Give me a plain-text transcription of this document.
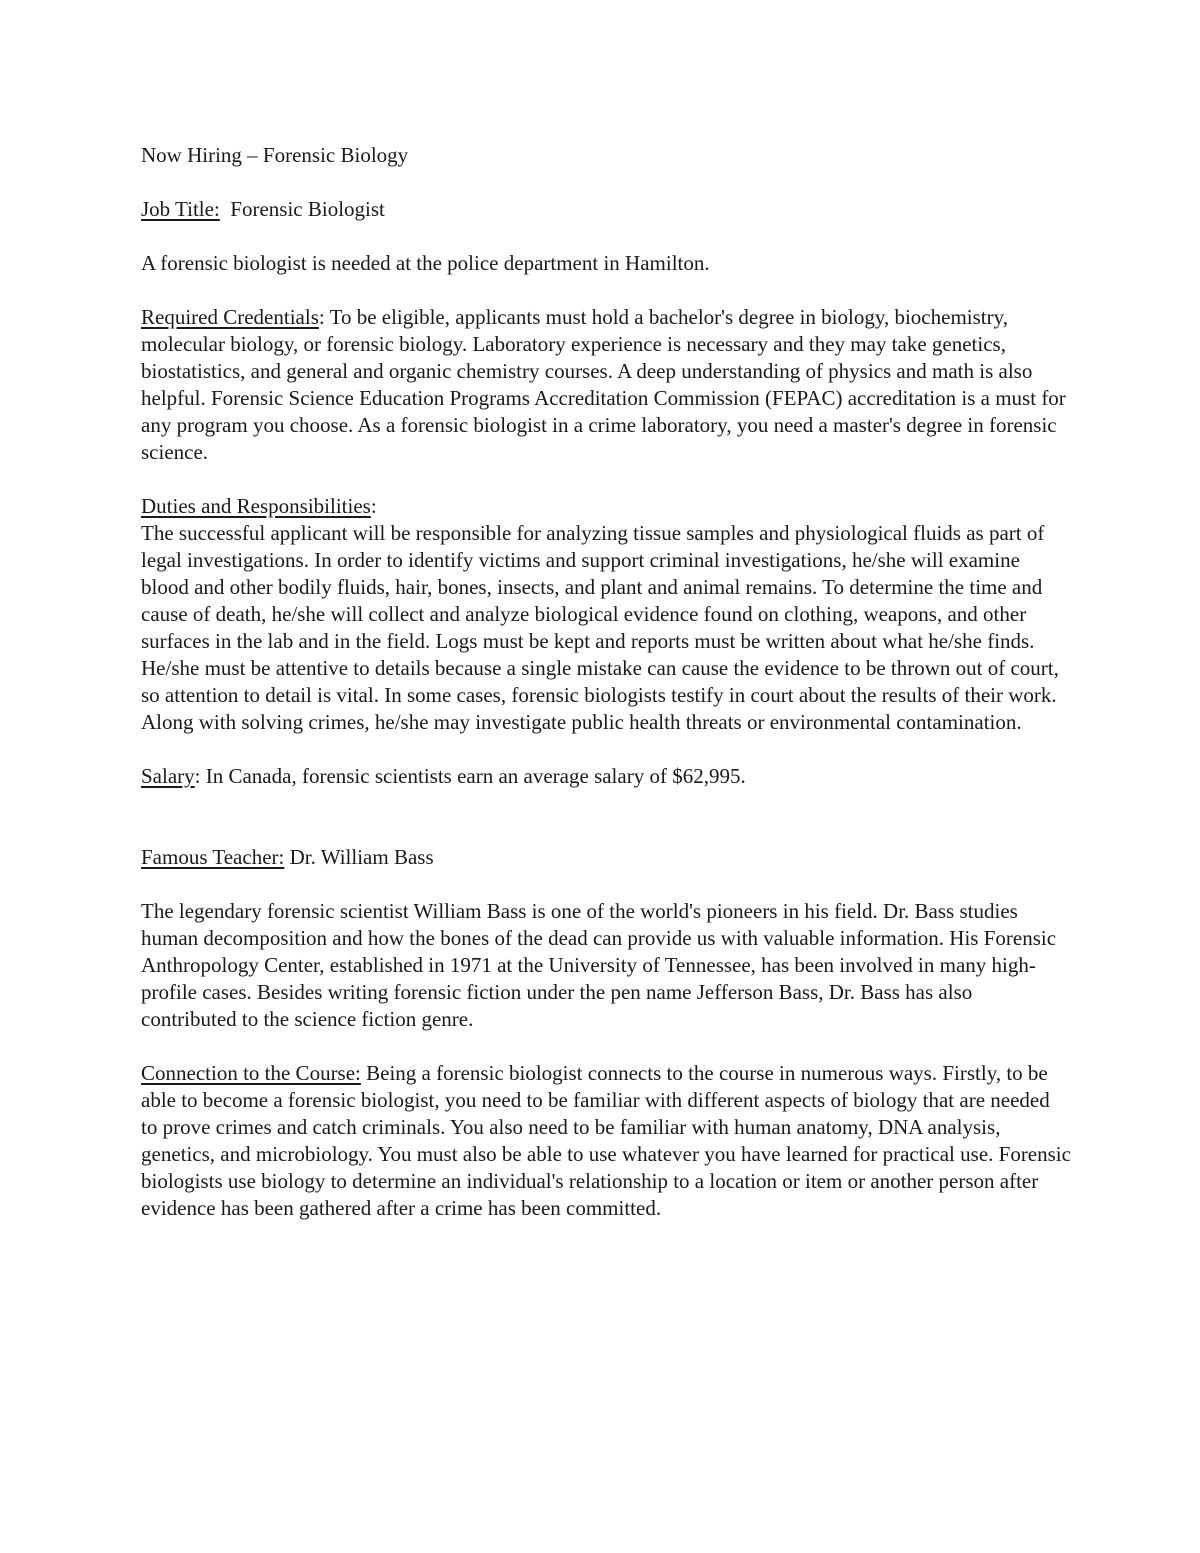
Now Hiring – Forensic Biology

Job Title:  Forensic Biologist

A forensic biologist is needed at the police department in Hamilton.

Required Credentials: To be eligible, applicants must hold a bachelor's degree in biology, biochemistry, molecular biology, or forensic biology. Laboratory experience is necessary and they may take genetics, biostatistics, and general and organic chemistry courses. A deep understanding of physics and math is also helpful. Forensic Science Education Programs Accreditation Commission (FEPAC) accreditation is a must for any program you choose. As a forensic biologist in a crime laboratory, you need a master's degree in forensic science.

Duties and Responsibilities:
The successful applicant will be responsible for analyzing tissue samples and physiological fluids as part of legal investigations. In order to identify victims and support criminal investigations, he/she will examine blood and other bodily fluids, hair, bones, insects, and plant and animal remains. To determine the time and cause of death, he/she will collect and analyze biological evidence found on clothing, weapons, and other surfaces in the lab and in the field. Logs must be kept and reports must be written about what he/she finds. He/she must be attentive to details because a single mistake can cause the evidence to be thrown out of court, so attention to detail is vital. In some cases, forensic biologists testify in court about the results of their work. Along with solving crimes, he/she may investigate public health threats or environmental contamination.

Salary: In Canada, forensic scientists earn an average salary of $62,995.

Famous Teacher: Dr. William Bass

The legendary forensic scientist William Bass is one of the world's pioneers in his field. Dr. Bass studies human decomposition and how the bones of the dead can provide us with valuable information. His Forensic Anthropology Center, established in 1971 at the University of Tennessee, has been involved in many high-profile cases. Besides writing forensic fiction under the pen name Jefferson Bass, Dr. Bass has also contributed to the science fiction genre.

Connection to the Course: Being a forensic biologist connects to the course in numerous ways. Firstly, to be able to become a forensic biologist, you need to be familiar with different aspects of biology that are needed to prove crimes and catch criminals. You also need to be familiar with human anatomy, DNA analysis, genetics, and microbiology. You must also be able to use whatever you have learned for practical use. Forensic biologists use biology to determine an individual's relationship to a location or item or another person after evidence has been gathered after a crime has been committed.
